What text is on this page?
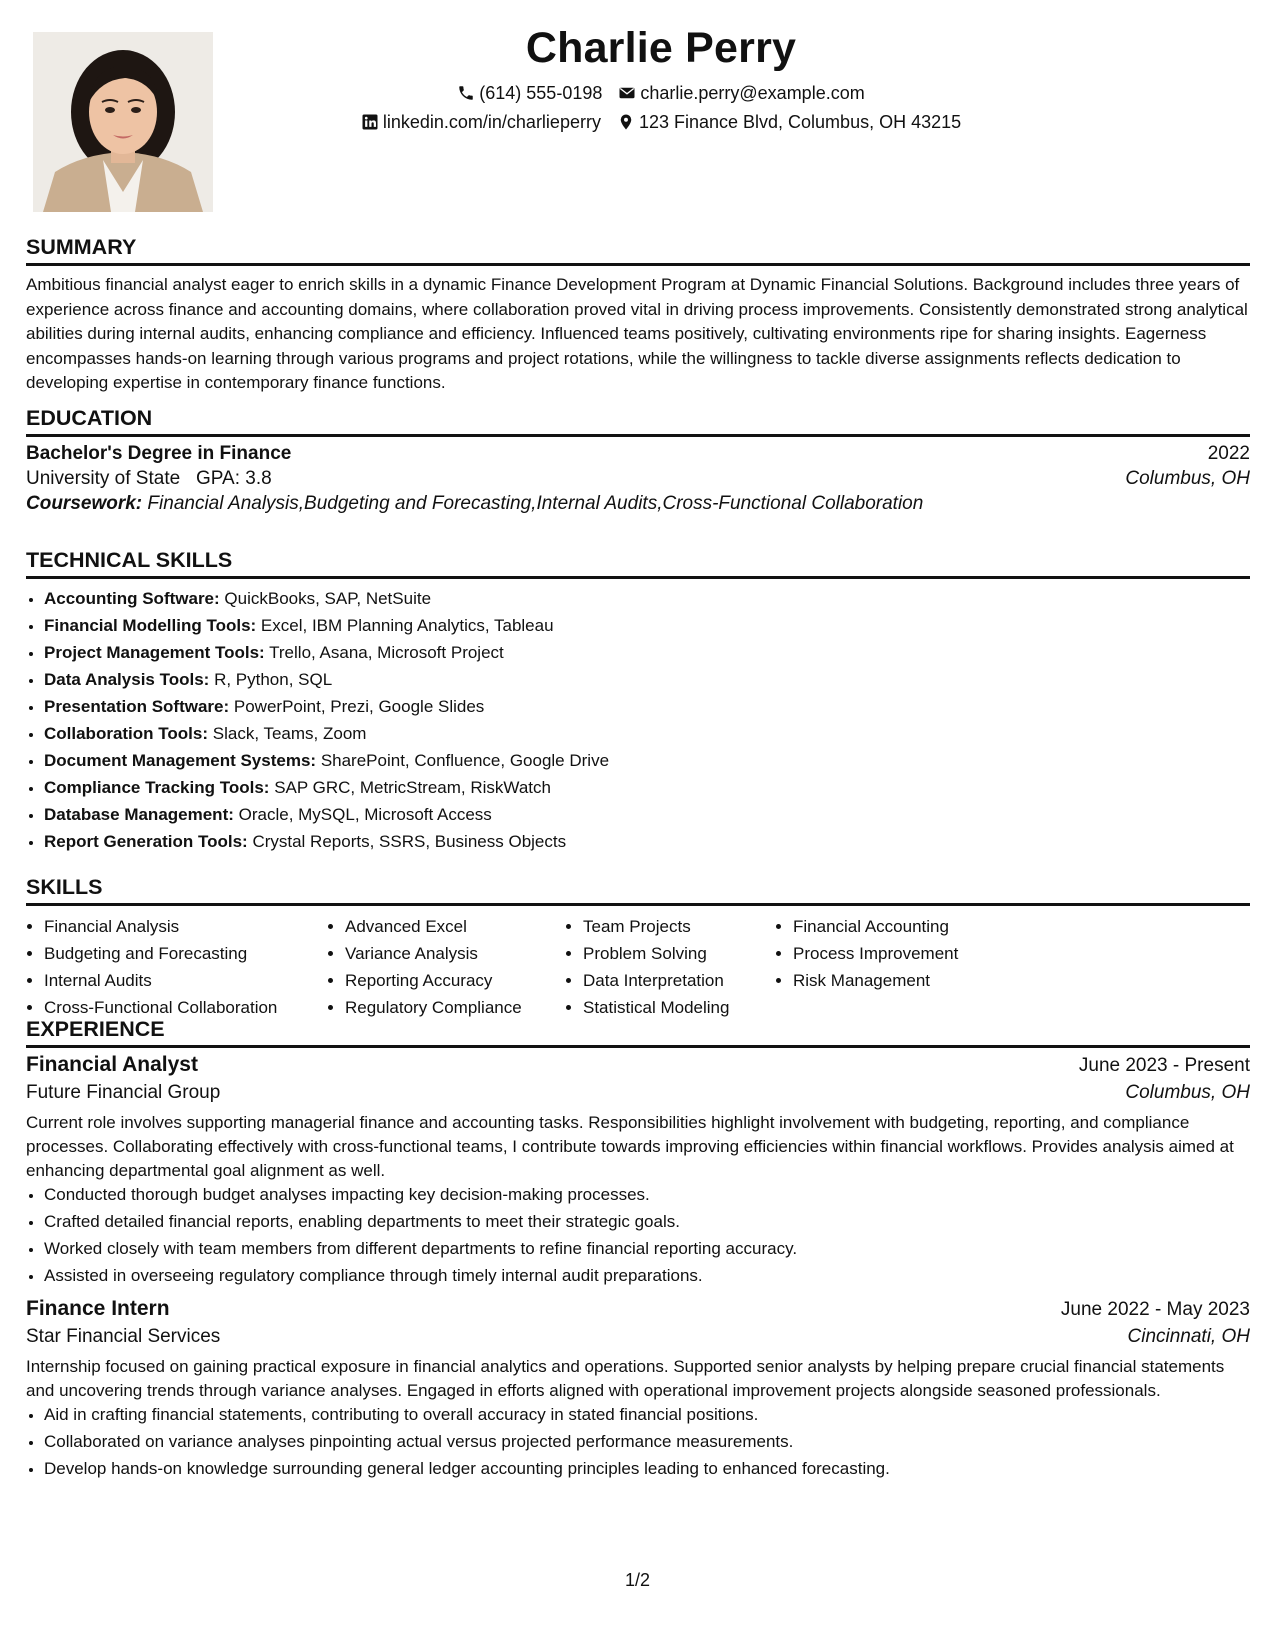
Charlie Perry
(614) 555-0198 charlie.perry@example.com
linkedin.com/in/charlieperry 123 Finance Blvd, Columbus, OH 43215
SUMMARY

Ambitious financial analyst eager to enrich skills in a dynamic Finance Development Program at Dynamic Financial Solutions. Background includes three years of experience across finance and accounting domains, where collaboration proved vital in driving process improvements. Consistently demonstrated strong analytical abilities during internal audits, enhancing compliance and efficiency. Influenced teams positively, cultivating environments ripe for sharing insights. Eagerness encompasses hands-on learning through various programs and project rotations, while the willingness to tackle diverse assignments reflects dedication to developing expertise in contemporary finance functions.

EDUCATION
Bachelor's Degree in Finance	2022
University of State GPA: 3.8	Columbus, OH
Coursework: Financial Analysis,Budgeting and Forecasting,Internal Audits,Cross-Functional Collaboration
TECHNICAL SKILLS
• Accounting Software: QuickBooks, SAP, NetSuite
• Financial Modelling Tools: Excel, IBM Planning Analytics, Tableau
• Project Management Tools: Trello, Asana, Microsoft Project
• Data Analysis Tools: R, Python, SQL
• Presentation Software: PowerPoint, Prezi, Google Slides
• Collaboration Tools: Slack, Teams, Zoom
• Document Management Systems: SharePoint, Confluence, Google Drive
• Compliance Tracking Tools: SAP GRC, MetricStream, RiskWatch
• Database Management: Oracle, MySQL, Microsoft Access
• Report Generation Tools: Crystal Reports, SSRS, Business Objects
SKILLS
• Financial Analysis
• Budgeting and Forecasting
• Internal Audits
• Cross-Functional Collaboration
• Advanced Excel
• Variance Analysis
• Reporting Accuracy
• Regulatory Compliance
• Team Projects
• Problem Solving
• Data Interpretation
• Statistical Modeling
• Financial Accounting
• Process Improvement
• Risk Management
EXPERIENCE
Financial Analyst	June 2023 - Present
Future Financial Group	Columbus, OH

Current role involves supporting managerial finance and accounting tasks. Responsibilities highlight involvement with budgeting, reporting, and compliance processes. Collaborating effectively with cross-functional teams, I contribute towards improving efficiencies within financial workflows. Provides analysis aimed at enhancing departmental goal alignment as well.

• Conducted thorough budget analyses impacting key decision-making processes.
• Crafted detailed financial reports, enabling departments to meet their strategic goals.
• Worked closely with team members from different departments to refine financial reporting accuracy.
• Assisted in overseeing regulatory compliance through timely internal audit preparations.
Finance Intern	June 2022 - May 2023
Star Financial Services	Cincinnati, OH

Internship focused on gaining practical exposure in financial analytics and operations. Supported senior analysts by helping prepare crucial financial statements and uncovering trends through variance analyses. Engaged in efforts aligned with operational improvement projects alongside seasoned professionals.

• Aid in crafting financial statements, contributing to overall accuracy in stated financial positions.
• Collaborated on variance analyses pinpointing actual versus projected performance measurements.
• Develop hands-on knowledge surrounding general ledger accounting principles leading to enhanced forecasting.
1/2
